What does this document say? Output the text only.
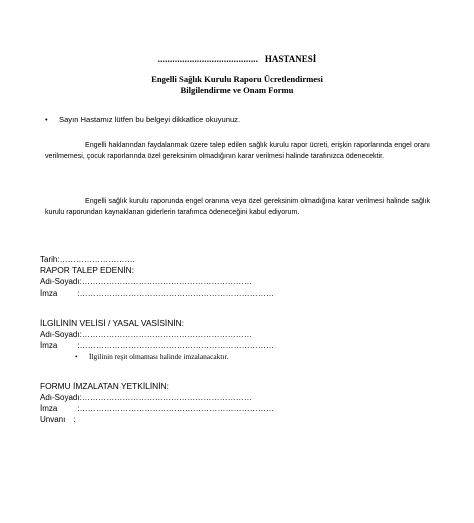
......................................... HASTANESİ
Engelli Sağlık Kurulu Raporu Ücretlendirmesi
Bilgilendirme ve Onam Formu
• Sayın Hastamız lütfen bu belgeyi dikkatlice okuyunuz.
Engelli haklarından faydalanmak üzere talep edilen sağlık kurulu rapor ücreti, erişkin raporlarında engel oranı verilmemesi, çocuk raporlarında özel gereksinim olmadığının karar verilmesi halinde tarafınızca ödenecektir.
Engelli sağlık kurulu raporunda engel oranına veya özel gereksinim olmadığına karar verilmesi halinde sağlık kurulu raporundan kaynaklanan giderlerin tarafımca ödeneceğini kabul ediyorum.
Tarih:……………………….
RAPOR TALEP EDENİN:
Adı-Soyadı:………………………………………………………
İmza	:………………………………………………………………
İLGİLİNİN VELİSİ / YASAL VASİSİNİN:
Adı-Soyadı:………………………………………………………
İmza	:………………………………………………………………
• İlgilinin reşit olmaması halinde imzalanacaktır.
FORMU İMZALATAN YETKİLİNİN:
Adı-Soyadı:………………………………………………………
İmza	:………………………………………………………………
Unvanı :
